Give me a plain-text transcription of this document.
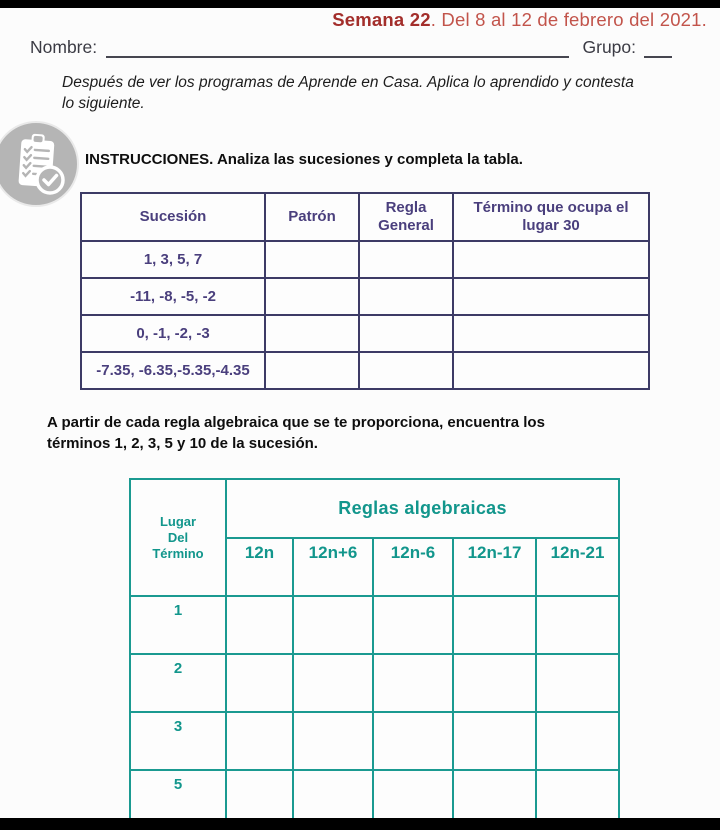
Semana 22. Del 8 al 12 de febrero del 2021.
Nombre:	Grupo:
Después de ver los programas de Aprende en Casa. Aplica lo aprendido y contesta
lo siguiente.
INSTRUCCIONES. Analiza las sucesiones y completa la tabla.
Sucesión	Patrón	Regla General	Término que ocupa el lugar 30
1, 3, 5, 7			
-11, -8, -5, -2			
0, -1, -2, -3			
-7.35, -6.35,-5.35,-4.35			
A partir de cada regla algebraica que se te proporciona, encuentra los
términos 1, 2, 3, 5 y 10 de la sucesión.
Lugar
Del
Término	Reglas algebraicas				
	12n	12n+6	12n-6	12n-17	12n-21
1					
2					
3					
5					
